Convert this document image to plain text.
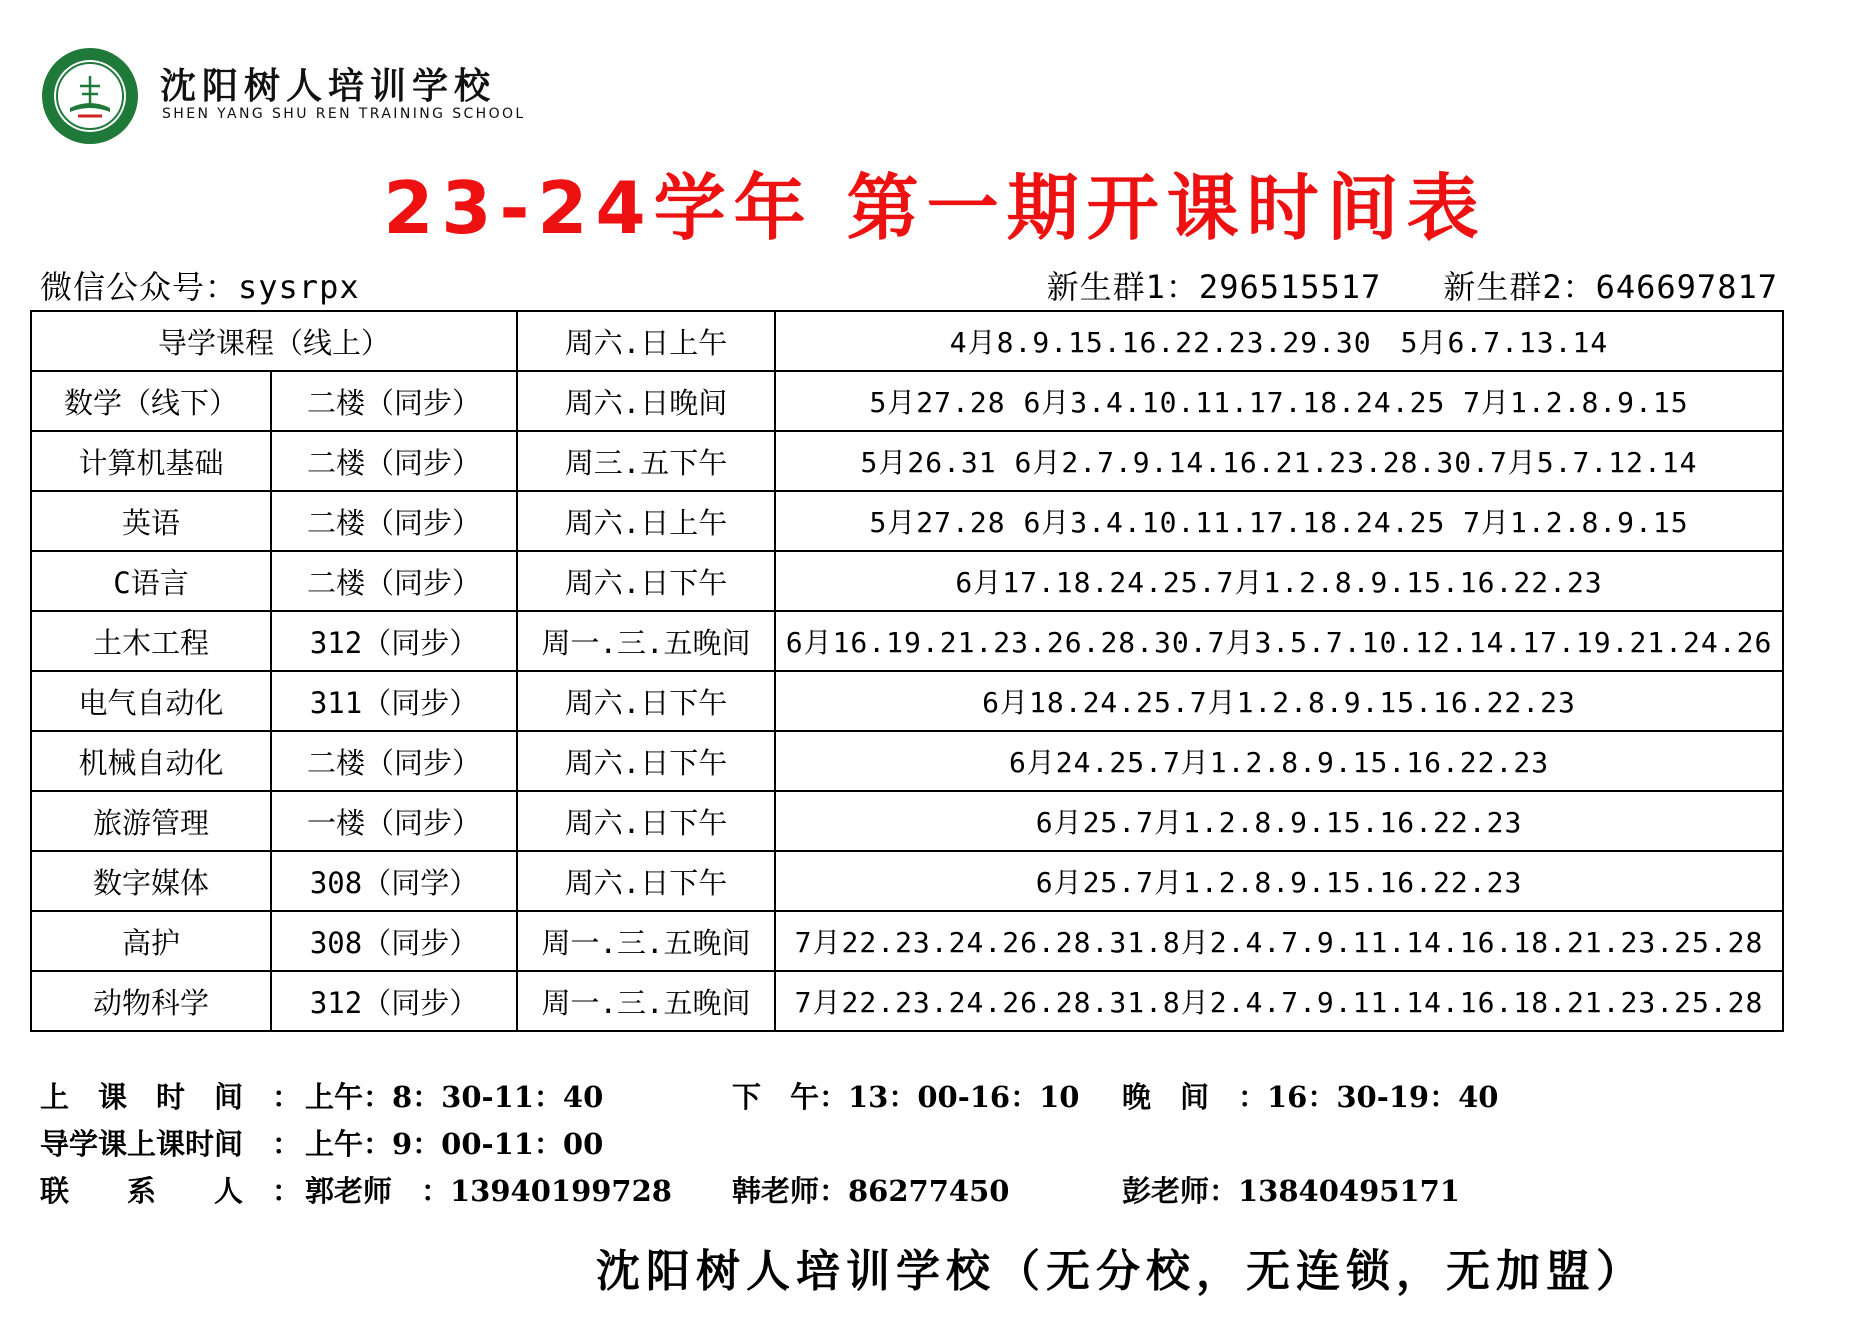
沈阳树人培训学校
SHEN YANG SHU REN TRAINING SCHOOL
23-24学年 第一期开课时间表
微信公众号：sysrpx	新生群1：296515517 新生群2：646697817
导学课程（线上）		周六.日上午	4月8.9.15.16.22.23.29.30　5月6.7.13.14
数学（线下）	二楼（同步）	周六.日晚间	5月27.28 6月3.4.10.11.17.18.24.25 7月1.2.8.9.15
计算机基础	二楼（同步）	周三.五下午	5月26.31 6月2.7.9.14.16.21.23.28.30.7月5.7.12.14
英语	二楼（同步）	周六.日上午	5月27.28 6月3.4.10.11.17.18.24.25 7月1.2.8.9.15
C语言	二楼（同步）	周六.日下午	6月17.18.24.25.7月1.2.8.9.15.16.22.23
土木工程	312（同步）	周一.三.五晚间	6月16.19.21.23.26.28.30.7月3.5.7.10.12.14.17.19.21.24.26
电气自动化	311（同步）	周六.日下午	6月18.24.25.7月1.2.8.9.15.16.22.23
机械自动化	二楼（同步）	周六.日下午	6月24.25.7月1.2.8.9.15.16.22.23
旅游管理	一楼（同步）	周六.日下午	6月25.7月1.2.8.9.15.16.22.23
数字媒体	308（同学）	周六.日下午	6月25.7月1.2.8.9.15.16.22.23
高护	308（同步）	周一.三.五晚间	7月22.23.24.26.28.31.8月2.4.7.9.11.14.16.18.21.23.25.28
动物科学	312（同步）	周一.三.五晚间	7月22.23.24.26.28.31.8月2.4.7.9.11.14.16.18.21.23.25.28
上　课　时　间　： 上午：8：30-11：40	下　午：13：00-16：10 晚　间　：16：30-19：40
导学课上课时间　： 上午：9：00-11：00
联　　系　　人　： 郭老师　：13940199728 韩老师：86277450	彭老师：13840495171
沈阳树人培训学校（无分校，无连锁，无加盟）
